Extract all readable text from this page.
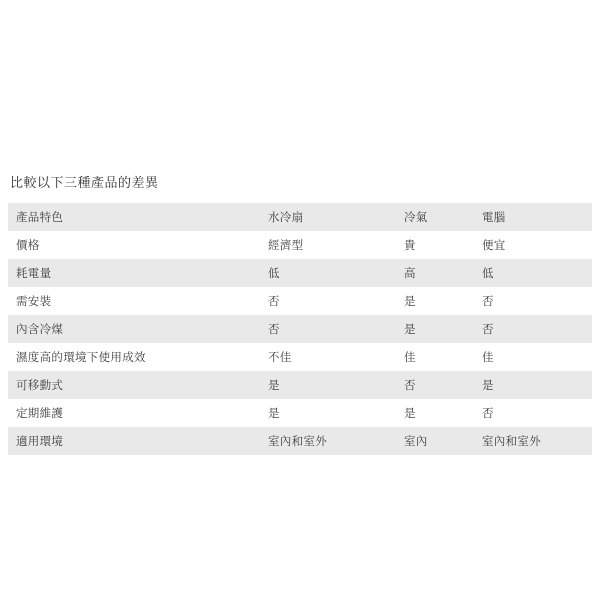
比較以下三種產品的差異
產品特色	水冷扇	冷氣	電腦
價格	經濟型	貴	便宜
耗電量	低	高	低
需安裝	否	是	否
內含冷煤	否	是	否
濕度高的環境下使用成效	不佳	佳	佳
可移動式	是	否	是
定期維護	是	是	否
適用環境	室內和室外	室內	室內和室外
